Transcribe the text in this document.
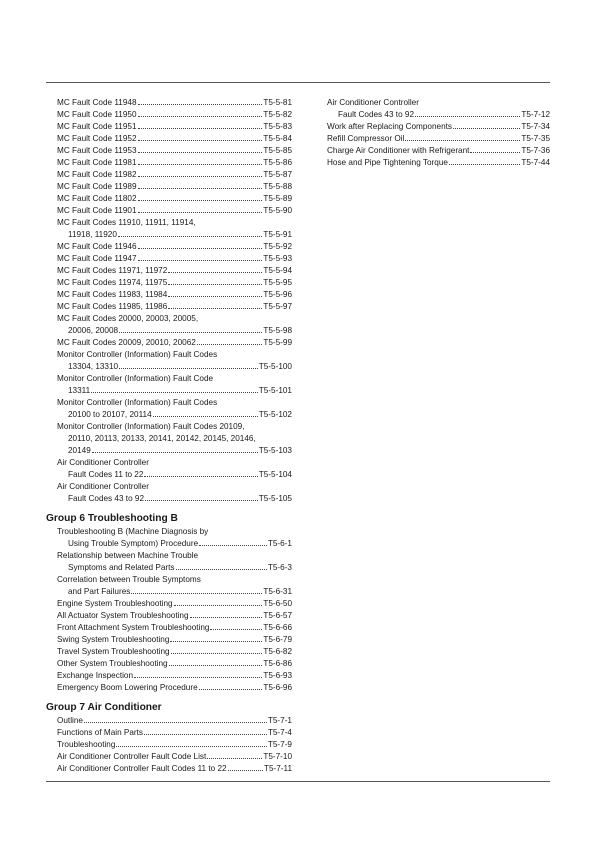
MC Fault Code 11948	T5-5-81
MC Fault Code 11950	T5-5-82
MC Fault Code 11951	T5-5-83
MC Fault Code 11952	T5-5-84
MC Fault Code 11953	T5-5-85
MC Fault Code 11981	T5-5-86
MC Fault Code 11982	T5-5-87
MC Fault Code 11989	T5-5-88
MC Fault Code 11802	T5-5-89
MC Fault Code 11901	T5-5-90
MC Fault Codes 11910, 11911, 11914,
11918, 11920	T5-5-91
MC Fault Code 11946	T5-5-92
MC Fault Code 11947	T5-5-93
MC Fault Codes 11971, 11972	T5-5-94
MC Fault Codes 11974, 11975	T5-5-95
MC Fault Codes 11983, 11984	T5-5-96
MC Fault Codes 11985, 11986	T5-5-97
MC Fault Codes 20000, 20003, 20005,
20006, 20008	T5-5-98
MC Fault Codes 20009, 20010, 20062	T5-5-99
Monitor Controller (Information) Fault Codes
13304, 13310	T5-5-100
Monitor Controller (Information) Fault Code
13311	T5-5-101
Monitor Controller (Information) Fault Codes
20100 to 20107, 20114	T5-5-102
Monitor Controller (Information) Fault Codes 20109,
20110, 20113, 20133, 20141, 20142, 20145, 20146,
20149	T5-5-103
Air Conditioner Controller
Fault Codes 11 to 22	T5-5-104
Air Conditioner Controller
Fault Codes 43 to 92	T5-5-105
Group 6 Troubleshooting B
Troubleshooting B (Machine Diagnosis by
Using Trouble Symptom) Procedure	T5-6-1
Relationship between Machine Trouble
Symptoms and Related Parts	T5-6-3
Correlation between Trouble Symptoms
and Part Failures	T5-6-31
Engine System Troubleshooting	T5-6-50
All Actuator System Troubleshooting	T5-6-57
Front Attachment System Troubleshooting	T5-6-66
Swing System Troubleshooting	T5-6-79
Travel System Troubleshooting	T5-6-82
Other System Troubleshooting	T5-6-86
Exchange Inspection	T5-6-93
Emergency Boom Lowering Procedure	T5-6-96
Group 7 Air Conditioner
Outline	T5-7-1
Functions of Main Parts	T5-7-4
Troubleshooting	T5-7-9
Air Conditioner Controller Fault Code List	T5-7-10
Air Conditioner Controller Fault Codes 11 to 22	T5-7-11
Air Conditioner Controller
Fault Codes 43 to 92	T5-7-12
Work after Replacing Components	T5-7-34
Refill Compressor Oil	T5-7-35
Charge Air Conditioner with Refrigerant	T5-7-36
Hose and Pipe Tightening Torque	T5-7-44
